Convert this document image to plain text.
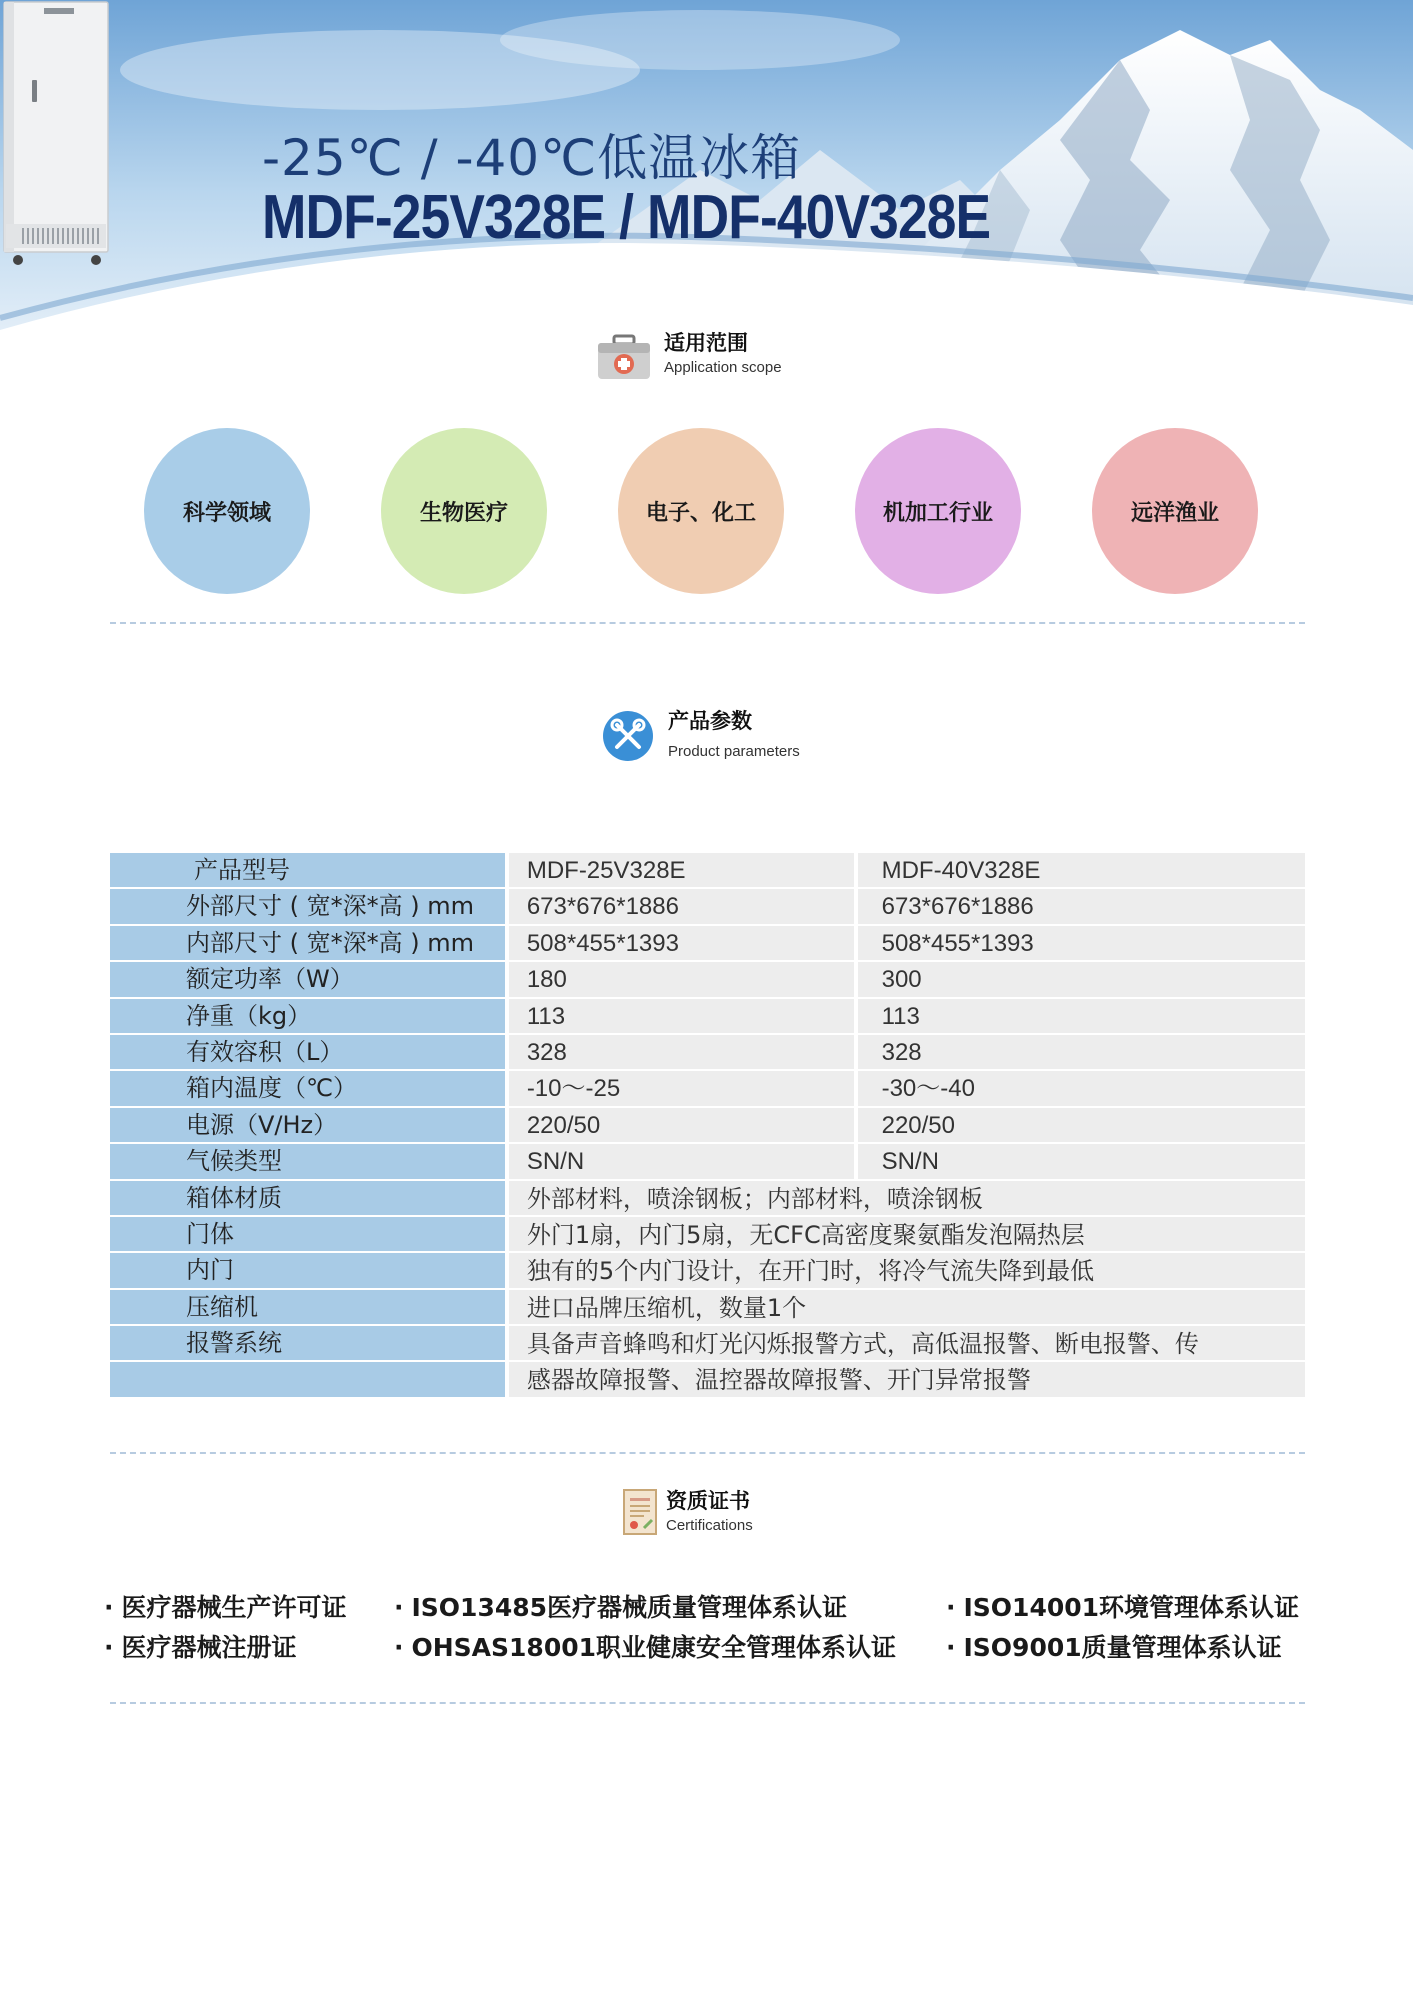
-25℃ / -40℃低温冰箱
MDF-25V328E / MDF-40V328E
适用范围
Application scope
科学领域	生物医疗	电子、化工	机加工行业	远洋渔业
产品参数
Product parameters
产品型号	MDF-25V328E	MDF-40V328E
外部尺寸 ( 宽*深*高 ) mm	673*676*1886	673*676*1886
内部尺寸 ( 宽*深*高 ) mm	508*455*1393	508*455*1393
额定功率（W）	180	300
净重（kg）	113	113
有效容积（L）	328	328
箱内温度（℃）	-10～-25	-30～-40
电源（V/Hz）	220/50	220/50
气候类型	SN/N	SN/N
箱体材质	外部材料，喷涂钢板；内部材料，喷涂钢板
门体	外门1扇，内门5扇，无CFC高密度聚氨酯发泡隔热层
内门	独有的5个内门设计，在开门时，将冷气流失降到最低
压缩机	进口品牌压缩机，数量1个
报警系统	具备声音蜂鸣和灯光闪烁报警方式，高低温报警、断电报警、传
感器故障报警、温控器故障报警、开门异常报警
资质证书
Certifications
· 医疗器械生产许可证 · ISO13485医疗器械质量管理体系认证	· ISO14001环境管理体系认证
· 医疗器械注册证	· OHSAS18001职业健康安全管理体系认证 · ISO9001质量管理体系认证
